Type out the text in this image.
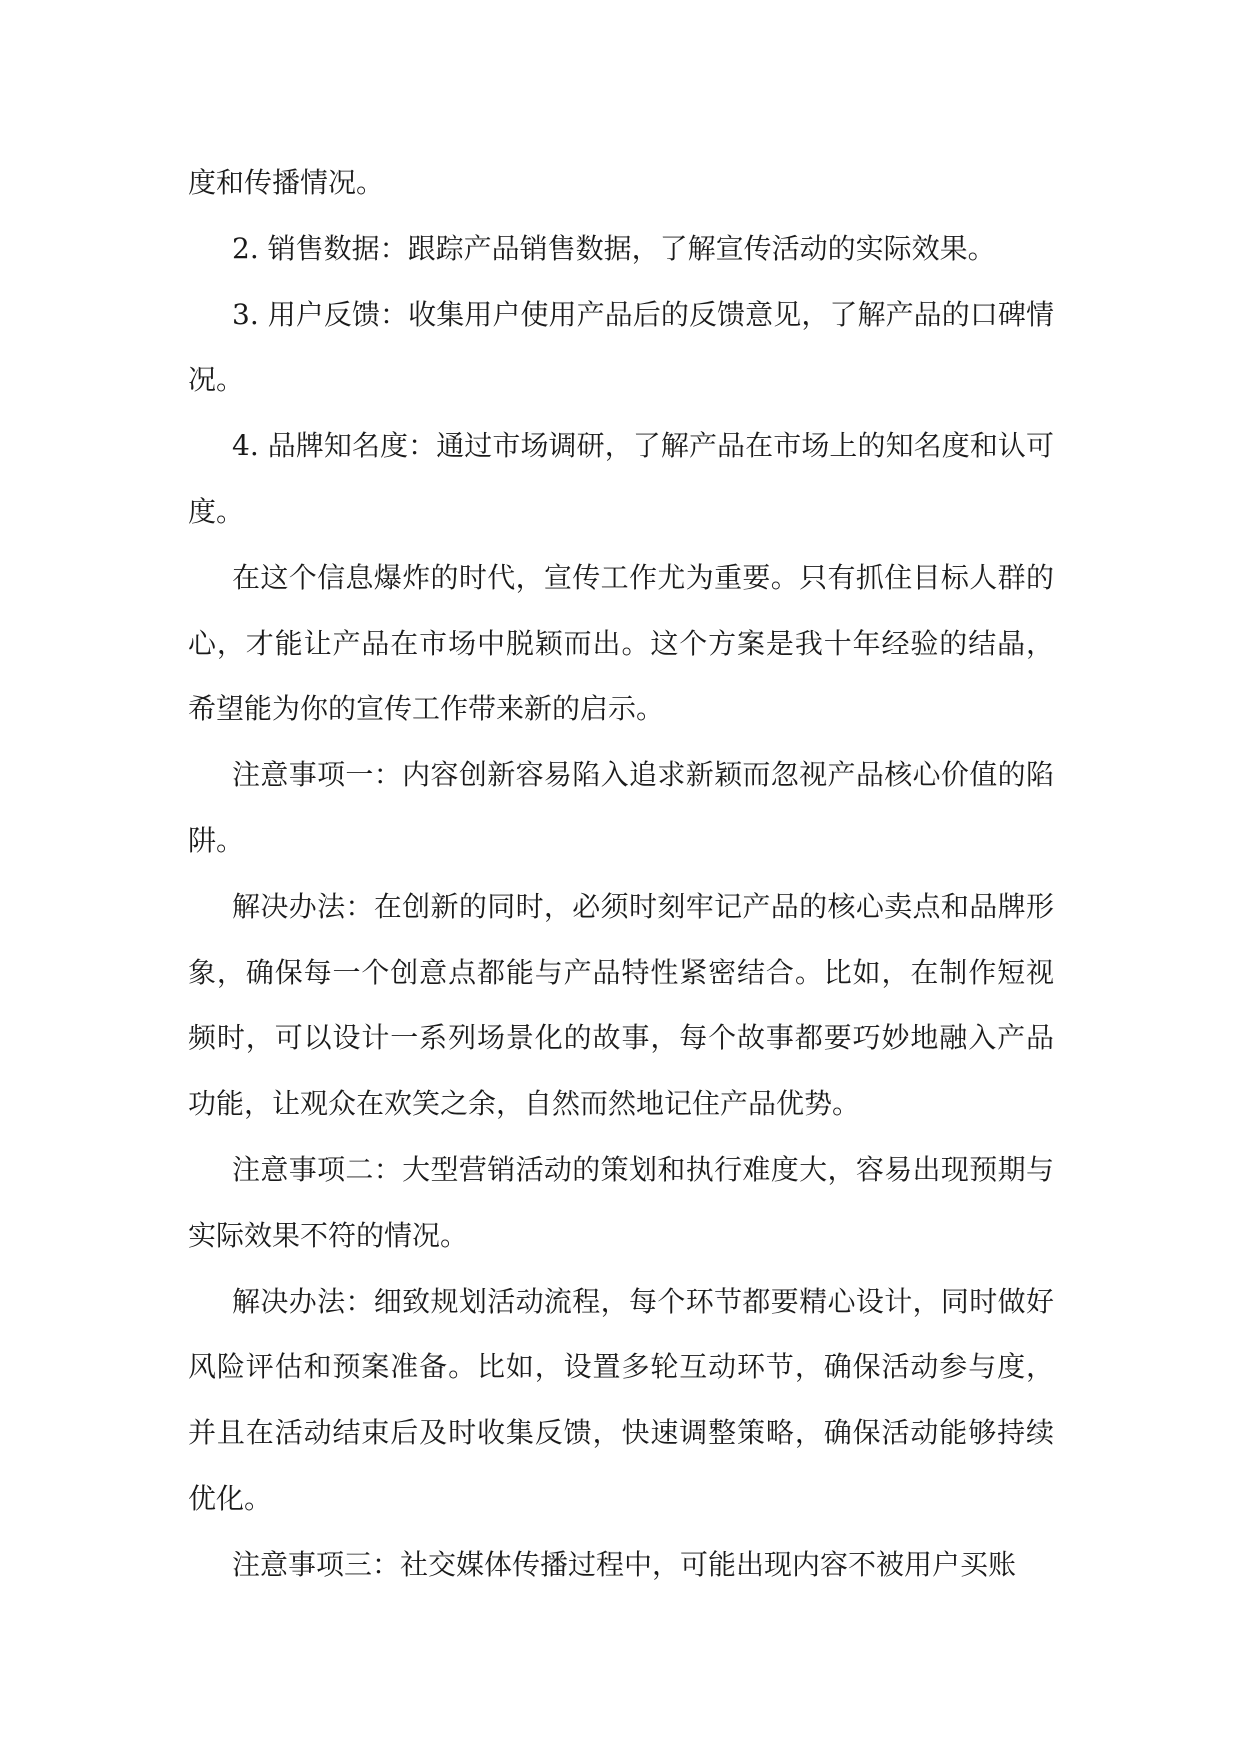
度和传播情况。

2. 销售数据：跟踪产品销售数据，了解宣传活动的实际效果。

3. 用户反馈：收集用户使用产品后的反馈意见，了解产品的口碑情况。

4. 品牌知名度：通过市场调研，了解产品在市场上的知名度和认可度。

在这个信息爆炸的时代，宣传工作尤为重要。只有抓住目标人群的心，才能让产品在市场中脱颖而出。这个方案是我十年经验的结晶，希望能为你的宣传工作带来新的启示。

注意事项一：内容创新容易陷入追求新颖而忽视产品核心价值的陷阱。

解决办法：在创新的同时，必须时刻牢记产品的核心卖点和品牌形象，确保每一个创意点都能与产品特性紧密结合。比如，在制作短视频时，可以设计一系列场景化的故事，每个故事都要巧妙地融入产品功能，让观众在欢笑之余，自然而然地记住产品优势。

注意事项二：大型营销活动的策划和执行难度大，容易出现预期与实际效果不符的情况。

解决办法：细致规划活动流程，每个环节都要精心设计，同时做好风险评估和预案准备。比如，设置多轮互动环节，确保活动参与度，并且在活动结束后及时收集反馈，快速调整策略，确保活动能够持续优化。

注意事项三：社交媒体传播过程中，可能出现内容不被用户买账
